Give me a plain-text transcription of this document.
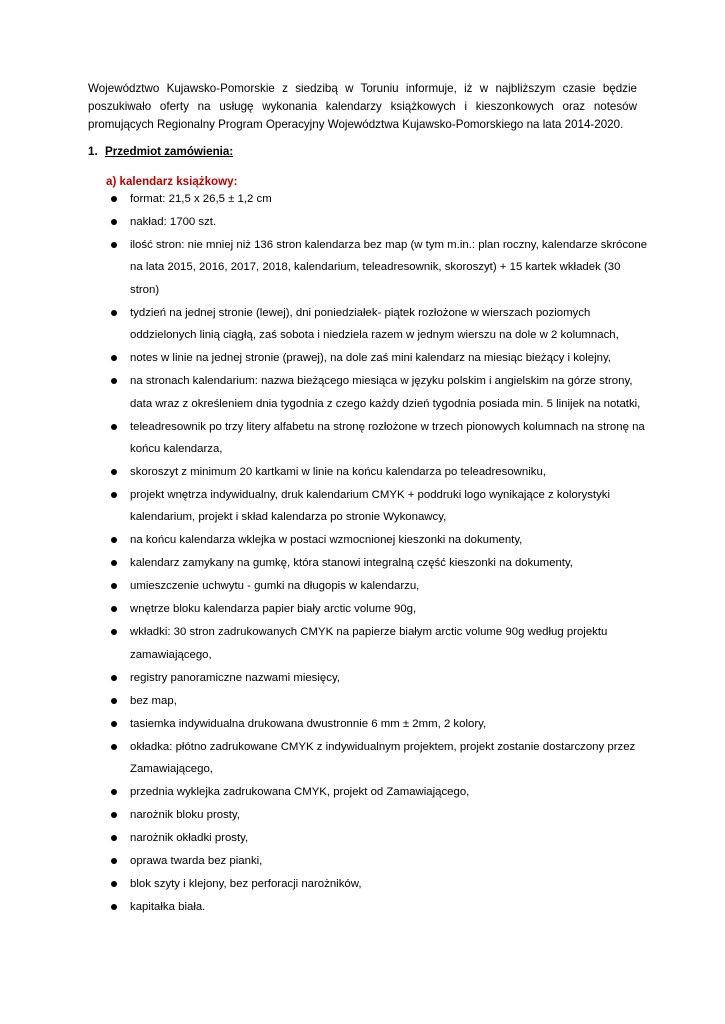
Województwo Kujawsko-Pomorskie z siedzibą w Toruniu informuje, iż w najbliższym czasie będzie poszukiwało oferty na usługę wykonania kalendarzy książkowych i kieszonkowych oraz notesów promujących Regionalny Program Operacyjny Województwa Kujawsko-Pomorskiego na lata 2014-2020.

1. Przedmiot zamówienia:
a) kalendarz książkowy:
format: 21,5 x 26,5 ± 1,2 cm
nakład: 1700 szt.
ilość stron: nie mniej niż 136 stron kalendarza bez map (w tym m.in.: plan roczny, kalendarze skrócone na lata 2015, 2016, 2017, 2018, kalendarium, teleadresownik, skoroszyt) + 15 kartek wkładek (30 stron)
tydzień na jednej stronie (lewej), dni poniedziałek- piątek rozłożone w wierszach poziomych oddzielonych linią ciągłą, zaś sobota i niedziela razem w jednym wierszu na dole w 2 kolumnach,
notes w linie na jednej stronie (prawej), na dole zaś mini kalendarz na miesiąc bieżący i kolejny,
na stronach kalendarium: nazwa bieżącego miesiąca w języku polskim i angielskim na górze strony, data wraz z określeniem dnia tygodnia z czego każdy dzień tygodnia posiada min. 5 linijek na notatki,
teleadresownik po trzy litery alfabetu na stronę rozłożone w trzech pionowych kolumnach na stronę na końcu kalendarza,
skoroszyt z minimum 20 kartkami w linie na końcu kalendarza po teleadresowniku,
projekt wnętrza indywidualny, druk kalendarium CMYK + poddruki logo wynikające z kolorystyki kalendarium, projekt i skład kalendarza po stronie Wykonawcy,
na końcu kalendarza wklejka w postaci wzmocnionej kieszonki na dokumenty,
kalendarz zamykany na gumkę, która stanowi integralną część kieszonki na dokumenty,
umieszczenie uchwytu - gumki na długopis w kalendarzu,
wnętrze bloku kalendarza papier biały arctic volume 90g,
wkładki: 30 stron zadrukowanych CMYK na papierze białym arctic volume 90g według projektu zamawiającego,
registry panoramiczne nazwami miesięcy,
bez map,
tasiemka indywidualna drukowana dwustronnie 6 mm ± 2mm, 2 kolory,
okładka: płótno zadrukowane CMYK z indywidualnym projektem, projekt zostanie dostarczony przez Zamawiającego,
przednia wyklejka zadrukowana CMYK, projekt od Zamawiającego,
narożnik bloku prosty,
narożnik okładki prosty,
oprawa twarda bez pianki,
blok szyty i klejony, bez perforacji narożników,
kapitałka biała.
